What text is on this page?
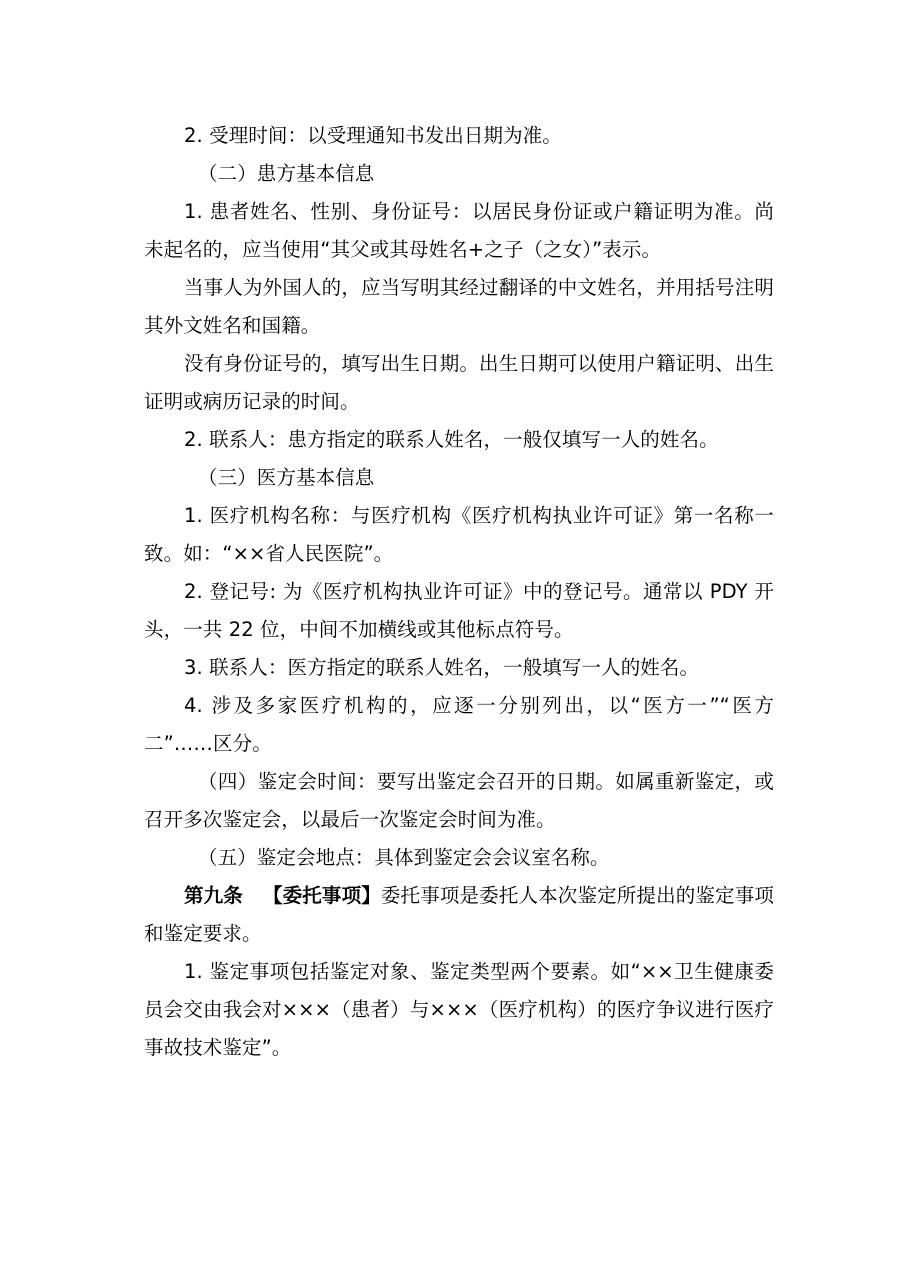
2. 受理时间：以受理通知书发出日期为准。

（二）患方基本信息

1. 患者姓名、性别、身份证号：以居民身份证或户籍证明为准。尚未起名的，应当使用“其父或其母姓名+之子（之女）”表示。

当事人为外国人的，应当写明其经过翻译的中文姓名，并用括号注明其外文姓名和国籍。

没有身份证号的，填写出生日期。出生日期可以使用户籍证明、出生证明或病历记录的时间。

2. 联系人：患方指定的联系人姓名，一般仅填写一人的姓名。

（三）医方基本信息

1. 医疗机构名称：与医疗机构《医疗机构执业许可证》第一名称一致。如：“××省人民医院”。

2. 登记号: 为《医疗机构执业许可证》中的登记号。通常以 PDY 开头，一共 22 位，中间不加横线或其他标点符号。

3. 联系人：医方指定的联系人姓名，一般填写一人的姓名。

4. 涉及多家医疗机构的，应逐一分别列出，以“医方一”“医方二”……区分。

（四）鉴定会时间：要写出鉴定会召开的日期。如属重新鉴定，或召开多次鉴定会，以最后一次鉴定会时间为准。

（五）鉴定会地点：具体到鉴定会会议室名称。

第九条 【委托事项】委托事项是委托人本次鉴定所提出的鉴定事项和鉴定要求。

1. 鉴定事项包括鉴定对象、鉴定类型两个要素。如“××卫生健康委员会交由我会对×××（患者）与×××（医疗机构）的医疗争议进行医疗事故技术鉴定”。
